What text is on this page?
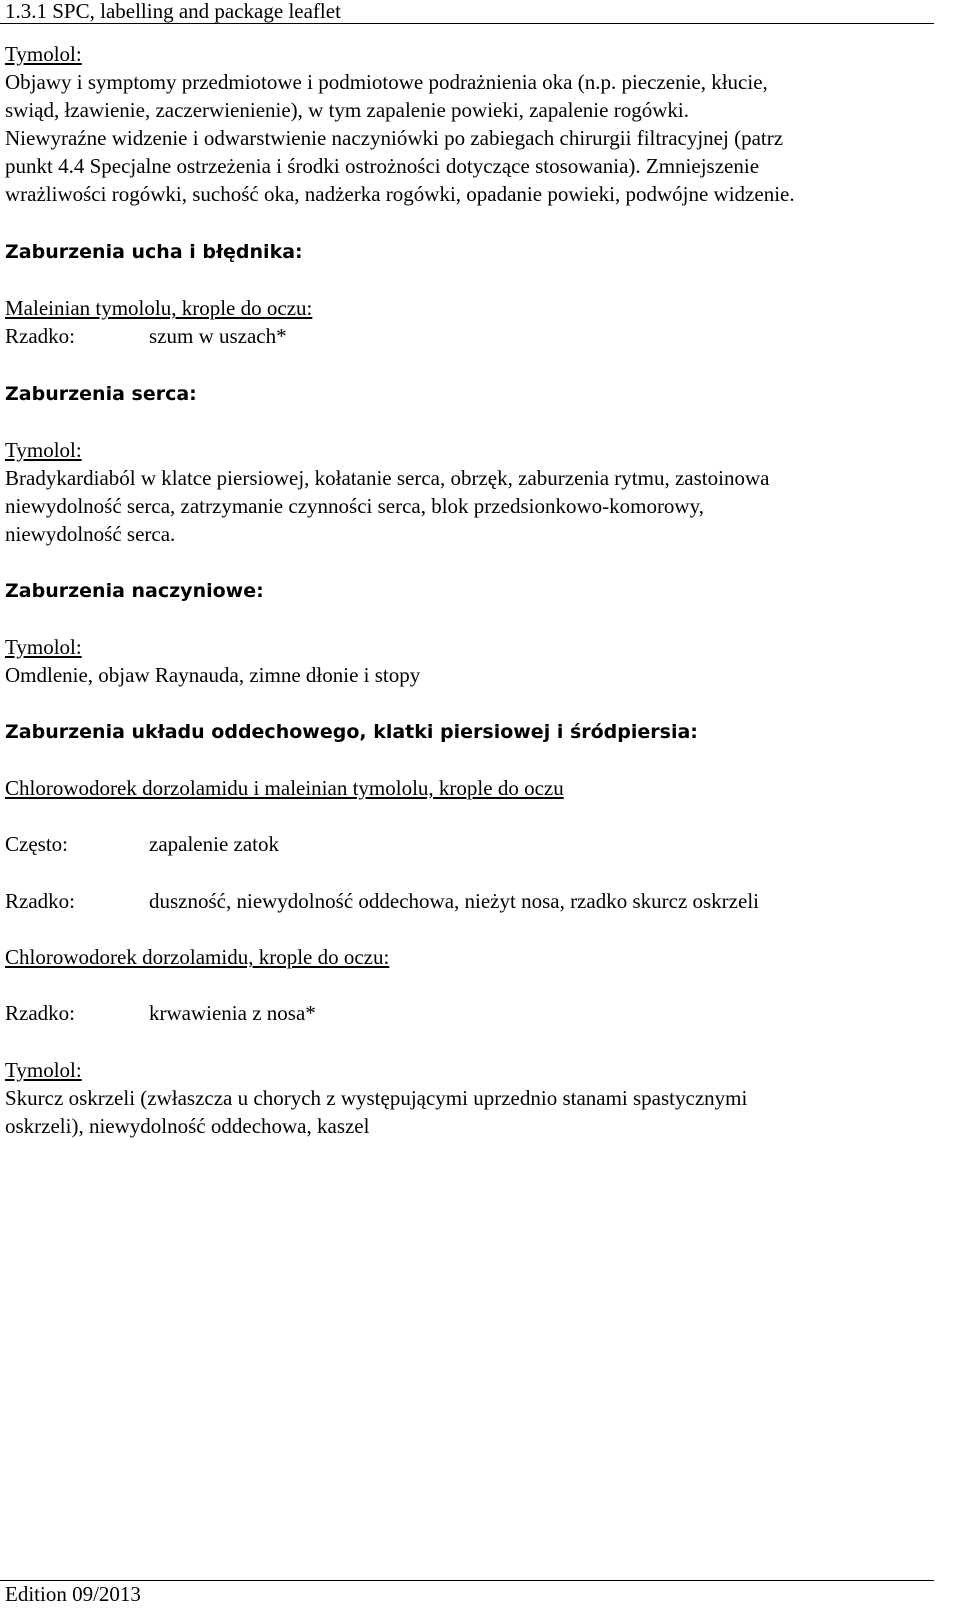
1.3.1 SPC, labelling and package leaflet
Tymolol:
Objawy i symptomy przedmiotowe i podmiotowe podrażnienia oka (n.p. pieczenie, kłucie,
swiąd, łzawienie, zaczerwienienie), w tym zapalenie powieki, zapalenie rogówki.
Niewyraźne widzenie i odwarstwienie naczyniówki po zabiegach chirurgii filtracyjnej (patrz
punkt 4.4 Specjalne ostrzeżenia i środki ostrożności dotyczące stosowania). Zmniejszenie
wrażliwości rogówki, suchość oka, nadżerka rogówki, opadanie powieki, podwójne widzenie.
Zaburzenia ucha i błędnika:
Maleinian tymololu, krople do oczu:
Rzadko:	szum w uszach*
Zaburzenia serca:
Tymolol:
Bradykardiaból w klatce piersiowej, kołatanie serca, obrzęk, zaburzenia rytmu, zastoinowa
niewydolność serca, zatrzymanie czynności serca, blok przedsionkowo-komorowy,
niewydolność serca.
Zaburzenia naczyniowe:
Tymolol:
Omdlenie, objaw Raynauda, zimne dłonie i stopy
Zaburzenia układu oddechowego, klatki piersiowej i śródpiersia:
Chlorowodorek dorzolamidu i maleinian tymololu, krople do oczu
Często:	zapalenie zatok
Rzadko:	duszność, niewydolność oddechowa, nieżyt nosa, rzadko skurcz oskrzeli
Chlorowodorek dorzolamidu, krople do oczu:
Rzadko:	krwawienia z nosa*
Tymolol:
Skurcz oskrzeli (zwłaszcza u chorych z występującymi uprzednio stanami spastycznymi
oskrzeli), niewydolność oddechowa, kaszel
Edition 09/2013
